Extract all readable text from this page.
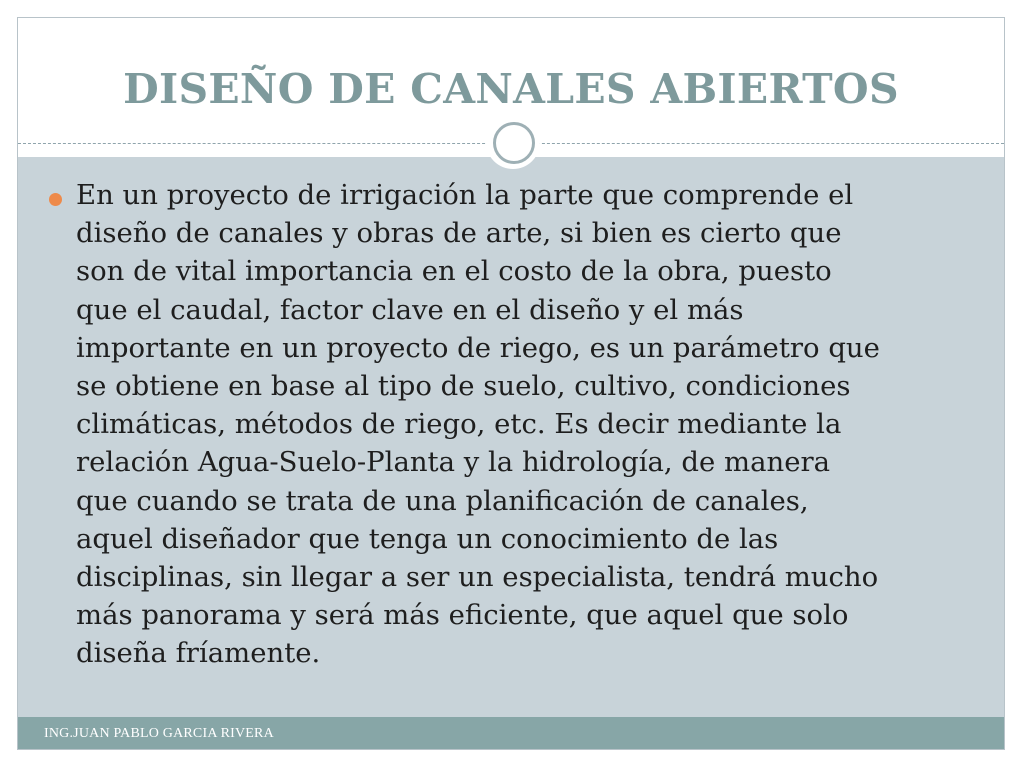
DISEÑO DE CANALES ABIERTOS
En un proyecto de irrigación la parte que comprende el
diseño de canales y obras de arte, si bien es cierto que
son de vital importancia en el costo de la obra, puesto
que el caudal, factor clave en el diseño y el más
importante en un proyecto de riego, es un parámetro que
se obtiene en base al tipo de suelo, cultivo, condiciones
climáticas, métodos de riego, etc. Es decir mediante la
relación Agua-Suelo-Planta y la hidrología, de manera
que cuando se trata de una planificación de canales,
aquel diseñador que tenga un conocimiento de las
disciplinas, sin llegar a ser un especialista, tendrá mucho
más panorama y será más eficiente, que aquel que solo
diseña fríamente.
ING.JUAN PABLO GARCIA RIVERA
